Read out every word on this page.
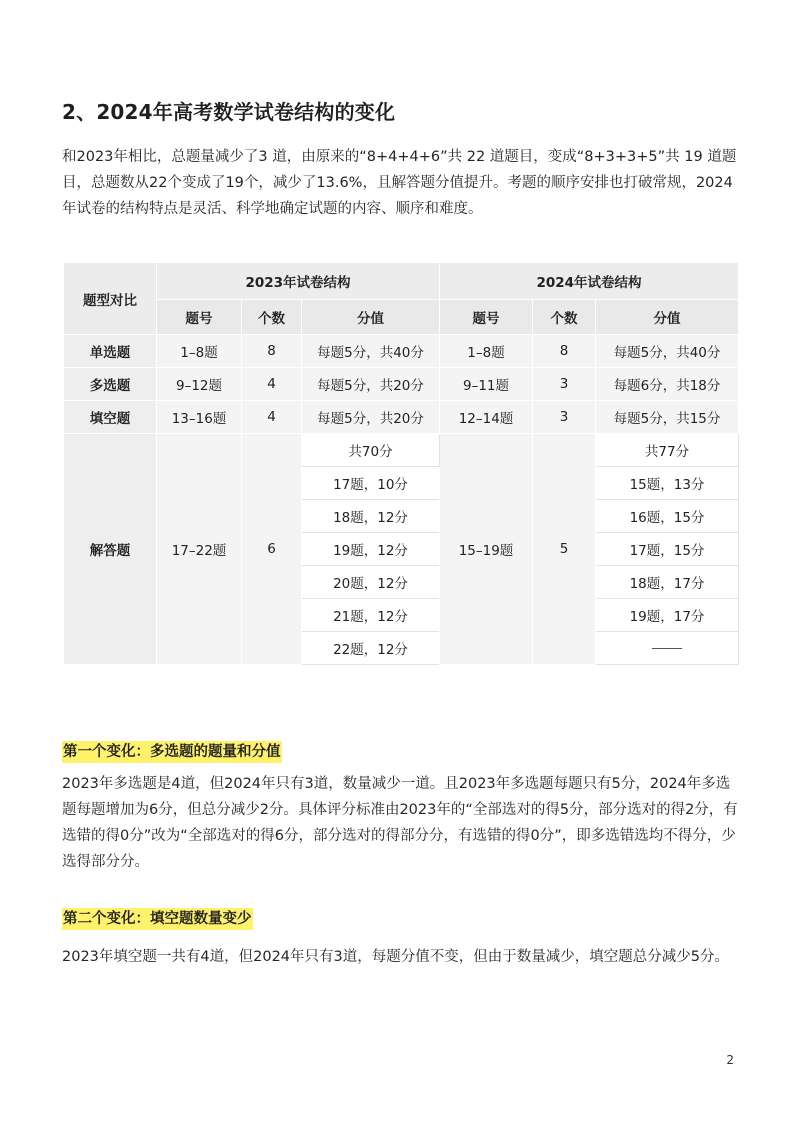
2、2024年高考数学试卷结构的变化

和2023年相比，总题量减少了3 道，由原来的“8+4+4+6”共 22 道题目，变成“8+3+3+5”共 19 道题目，总题数从22个变成了19个，减少了13.6%，且解答题分值提升。考题的顺序安排也打破常规，2024年试卷的结构特点是灵活、科学地确定试题的内容、顺序和难度。

题型对比	2023年试卷结构			2024年试卷结构		
	题号	个数	分值	题号	个数	分值
单选题	1–8题	8	每题5分，共40分	1–8题	8	每题5分，共40分
多选题	9–12题	4	每题5分，共20分	9–11题	3	每题6分，共18分
填空题	13–16题	4	每题5分，共20分	12–14题	3	每题5分，共15分
解答题	17–22题	6	共70分	15–19题	5	共77分
			17题，10分			15题，13分
			18题，12分			16题，15分
			19题，12分			17题，15分
			20题，12分			18题，17分
			21题，12分			19题，17分
			22题，12分			
第一个变化：多选题的题量和分值

2023年多选题是4道，但2024年只有3道，数量减少一道。且2023年多选题每题只有5分，2024年多选题每题增加为6分，但总分减少2分。具体评分标准由2023年的“全部选对的得5分，部分选对的得2分，有选错的得0分”改为“全部选对的得6分，部分选对的得部分分，有选错的得0分”，即多选错选均不得分，少选得部分分。

第二个变化：填空题数量变少

2023年填空题一共有4道，但2024年只有3道，每题分值不变，但由于数量减少，填空题总分减少5分。

2
